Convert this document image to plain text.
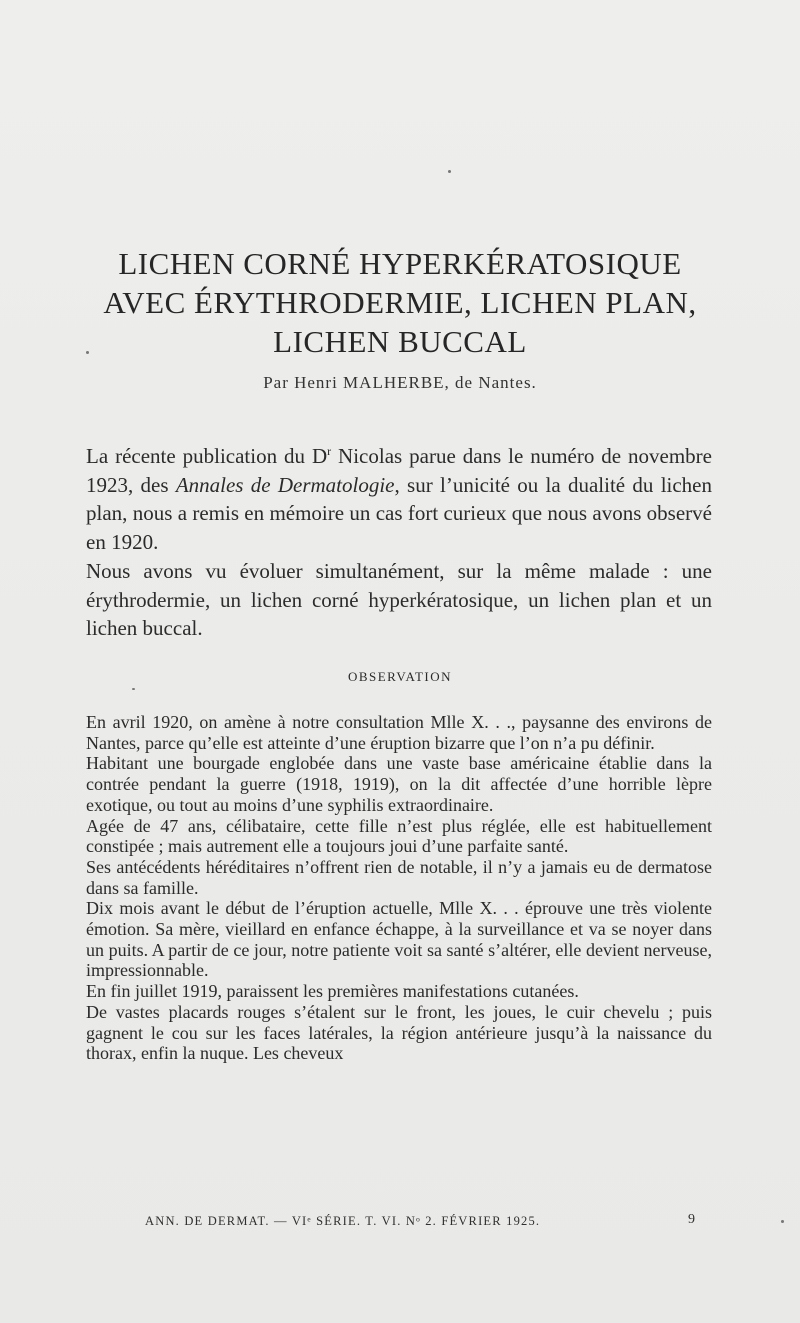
LICHEN CORNÉ HYPERKÉRATOSIQUE
AVEC ÉRYTHRODERMIE, LICHEN PLAN,
LICHEN BUCCAL
Par Henri MALHERBE, de Nantes.

La récente publication du $D^r$ Nicolas parue dans le numéro de novembre 1923, des Annales de Dermatologie, sur l’unicité ou la dualité du lichen plan, nous a remis en mémoire un cas fort curieux que nous avons observé en 1920.

Nous avons vu évoluer simultanément, sur la même malade : une érythrodermie, un lichen corné hyperkératosique, un lichen plan et un lichen buccal.

OBSERVATION

En avril 1920, on amène à notre consultation Mlle X. . ., paysanne des environs de Nantes, parce qu’elle est atteinte d’une éruption bizarre que l’on n’a pu définir.

Habitant une bourgade englobée dans une vaste base américaine établie dans la contrée pendant la guerre (1918, 1919), on la dit affectée d’une horrible lèpre exotique, ou tout au moins d’une syphilis extraordinaire.

Agée de 47 ans, célibataire, cette fille n’est plus réglée, elle est habituellement constipée ; mais autrement elle a toujours joui d’une parfaite santé.

Ses antécédents héréditaires n’offrent rien de notable, il n’y a jamais eu de dermatose dans sa famille.

Dix mois avant le début de l’éruption actuelle, Mlle X. . . éprouve une très violente émotion. Sa mère, vieillard en enfance échappe, à la surveillance et va se noyer dans un puits. A partir de ce jour, notre patiente voit sa santé s’altérer, elle devient nerveuse, impressionnable.

En fin juillet 1919, paraissent les premières manifestations cutanées.

De vastes placards rouges s’étalent sur le front, les joues, le cuir chevelu ; puis gagnent le cou sur les faces latérales, la région antérieure jusqu’à la naissance du thorax, enfin la nuque. Les cheveux

ANN. DE DERMAT. — VIᵉ SÉRIE. T. VI. Nᵒ 2. FÉVRIER 1925.	9
